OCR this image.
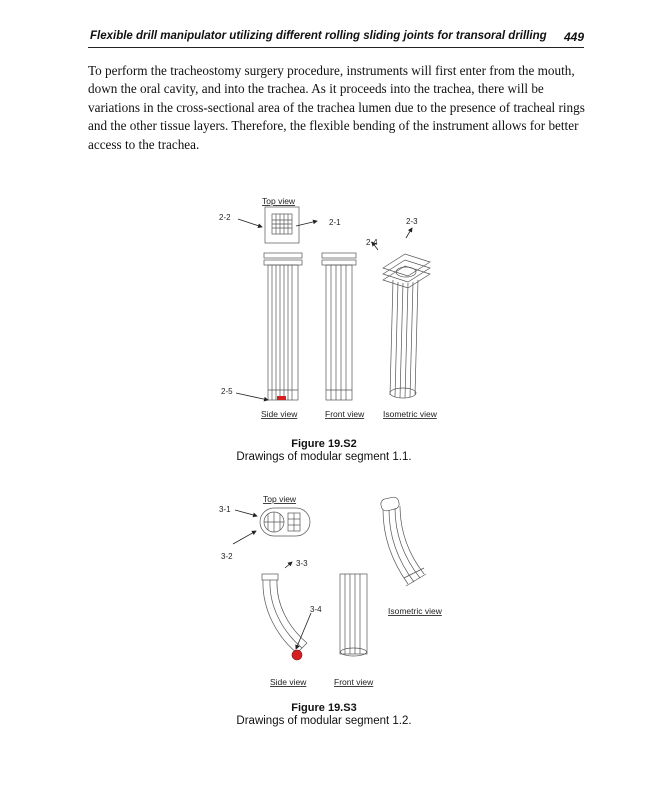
Flexible drill manipulator utilizing different rolling sliding joints for transoral drilling 449
To perform the tracheostomy surgery procedure, instruments will first enter from the mouth, down the oral cavity, and into the trachea. As it proceeds into the trachea, there will be variations in the cross-sectional area of the trachea lumen due to the presence of tracheal rings and the other tissue layers. Therefore, the flexible bending of the instrument allows for better access to the trachea.
2-2
2-1	2-3
2-4
2-5
Top view
Side view	Front view Isometric view
Figure 19.S2
Drawings of modular segment 1.1.
3-1
3-2
3-3
3-4
Top view
Side view	Front view
Isometric view
Figure 19.S3
Drawings of modular segment 1.2.
